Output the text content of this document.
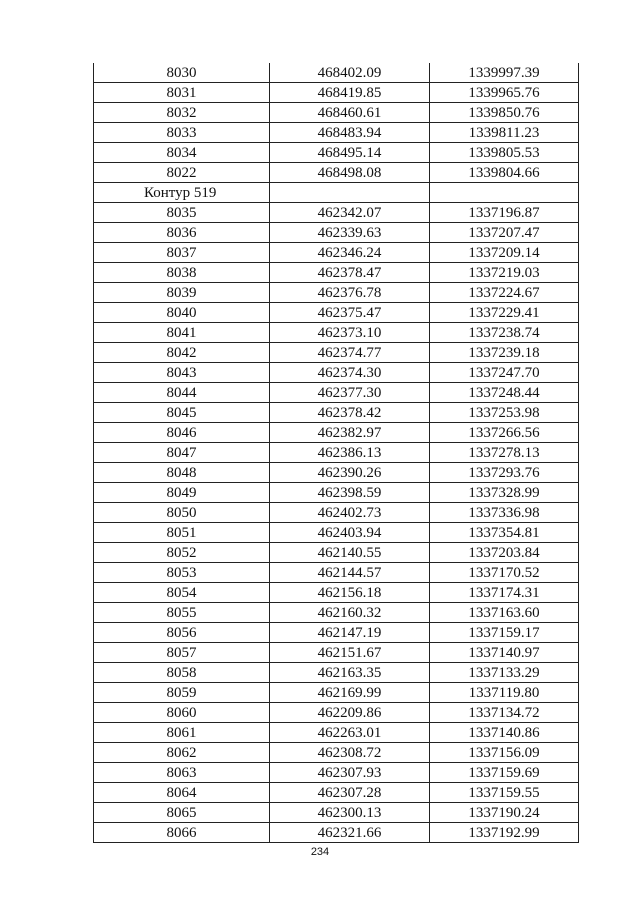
8030	468402.09	1339997.39
8031	468419.85	1339965.76
8032	468460.61	1339850.76
8033	468483.94	1339811.23
8034	468495.14	1339805.53
8022	468498.08	1339804.66
Контур 519		
8035	462342.07	1337196.87
8036	462339.63	1337207.47
8037	462346.24	1337209.14
8038	462378.47	1337219.03
8039	462376.78	1337224.67
8040	462375.47	1337229.41
8041	462373.10	1337238.74
8042	462374.77	1337239.18
8043	462374.30	1337247.70
8044	462377.30	1337248.44
8045	462378.42	1337253.98
8046	462382.97	1337266.56
8047	462386.13	1337278.13
8048	462390.26	1337293.76
8049	462398.59	1337328.99
8050	462402.73	1337336.98
8051	462403.94	1337354.81
8052	462140.55	1337203.84
8053	462144.57	1337170.52
8054	462156.18	1337174.31
8055	462160.32	1337163.60
8056	462147.19	1337159.17
8057	462151.67	1337140.97
8058	462163.35	1337133.29
8059	462169.99	1337119.80
8060	462209.86	1337134.72
8061	462263.01	1337140.86
8062	462308.72	1337156.09
8063	462307.93	1337159.69
8064	462307.28	1337159.55
8065	462300.13	1337190.24
8066	462321.66	1337192.99
234
